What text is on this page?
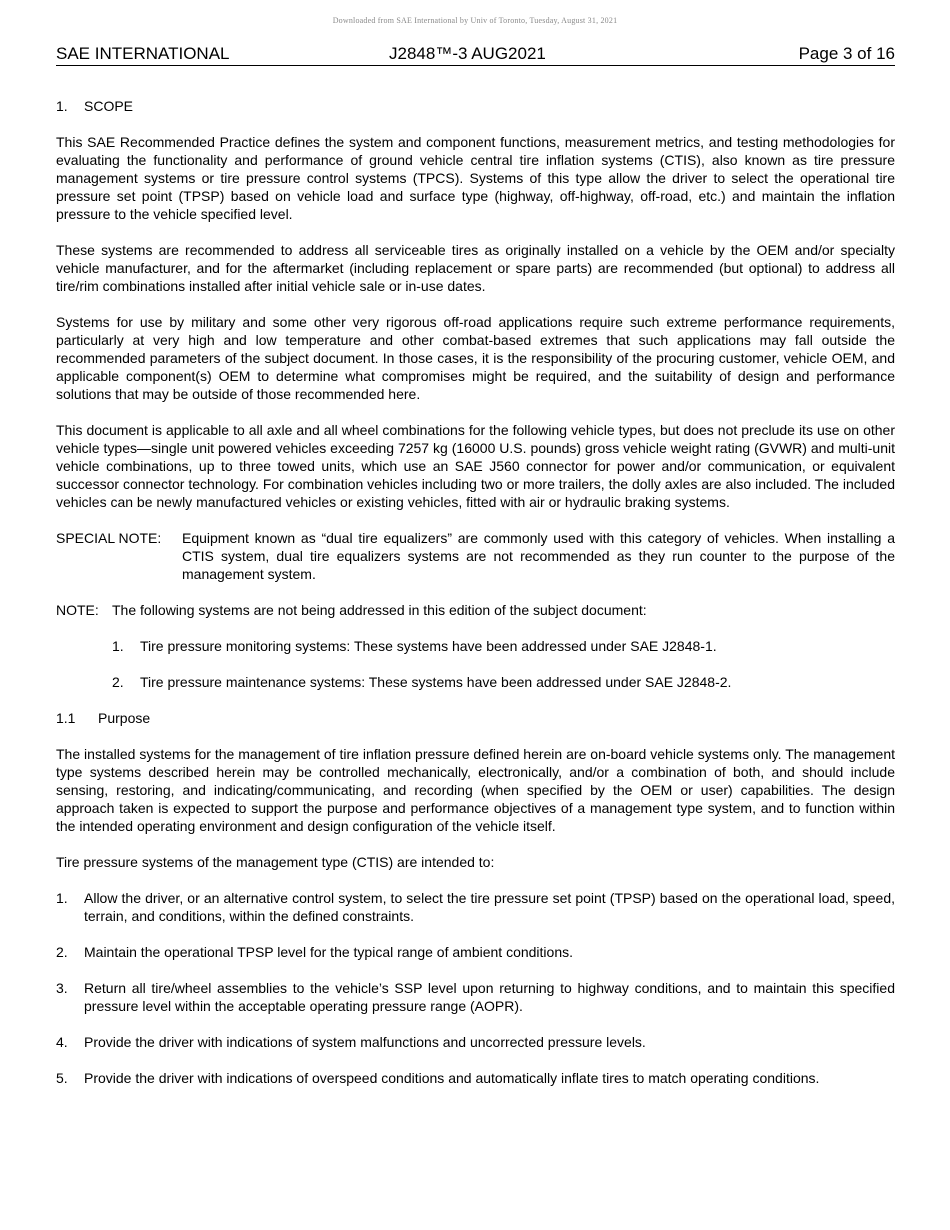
Downloaded from SAE International by Univ of Toronto, Tuesday, August 31, 2021
SAE INTERNATIONAL	J2848™-3 AUG2021	Page 3 of 16
1. SCOPE

This SAE Recommended Practice defines the system and component functions, measurement metrics, and testing methodologies for evaluating the functionality and performance of ground vehicle central tire inflation systems (CTIS), also known as tire pressure management systems or tire pressure control systems (TPCS). Systems of this type allow the driver to select the operational tire pressure set point (TPSP) based on vehicle load and surface type (highway, off-highway, off-road, etc.) and maintain the inflation pressure to the vehicle specified level.

These systems are recommended to address all serviceable tires as originally installed on a vehicle by the OEM and/or specialty vehicle manufacturer, and for the aftermarket (including replacement or spare parts) are recommended (but optional) to address all tire/rim combinations installed after initial vehicle sale or in-use dates.

Systems for use by military and some other very rigorous off-road applications require such extreme performance requirements, particularly at very high and low temperature and other combat-based extremes that such applications may fall outside the recommended parameters of the subject document. In those cases, it is the responsibility of the procuring customer, vehicle OEM, and applicable component(s) OEM to determine what compromises might be required, and the suitability of design and performance solutions that may be outside of those recommended here.

This document is applicable to all axle and all wheel combinations for the following vehicle types, but does not preclude its use on other vehicle types—single unit powered vehicles exceeding 7257 kg (16000 U.S. pounds) gross vehicle weight rating (GVWR) and multi-unit vehicle combinations, up to three towed units, which use an SAE J560 connector for power and/or communication, or equivalent successor connector technology. For combination vehicles including two or more trailers, the dolly axles are also included. The included vehicles can be newly manufactured vehicles or existing vehicles, fitted with air or hydraulic braking systems.

SPECIAL NOTE:	Equipment known as “dual tire equalizers” are commonly used with this category of vehicles. When installing a CTIS system, dual tire equalizers systems are not recommended as they run counter to the purpose of the management system.
NOTE: The following systems are not being addressed in this edition of the subject document:
1.	Tire pressure monitoring systems: These systems have been addressed under SAE J2848-1.
2.	Tire pressure maintenance systems: These systems have been addressed under SAE J2848-2.
1.1 Purpose

The installed systems for the management of tire inflation pressure defined herein are on-board vehicle systems only. The management type systems described herein may be controlled mechanically, electronically, and/or a combination of both, and should include sensing, restoring, and indicating/communicating, and recording (when specified by the OEM or user) capabilities. The design approach taken is expected to support the purpose and performance objectives of a management type system, and to function within the intended operating environment and design configuration of the vehicle itself.

Tire pressure systems of the management type (CTIS) are intended to:

1.	Allow the driver, or an alternative control system, to select the tire pressure set point (TPSP) based on the operational load, speed, terrain, and conditions, within the defined constraints.
2.	Maintain the operational TPSP level for the typical range of ambient conditions.
3.	Return all tire/wheel assemblies to the vehicle’s SSP level upon returning to highway conditions, and to maintain this specified pressure level within the acceptable operating pressure range (AOPR).
4.	Provide the driver with indications of system malfunctions and uncorrected pressure levels.
5.	Provide the driver with indications of overspeed conditions and automatically inflate tires to match operating conditions.
